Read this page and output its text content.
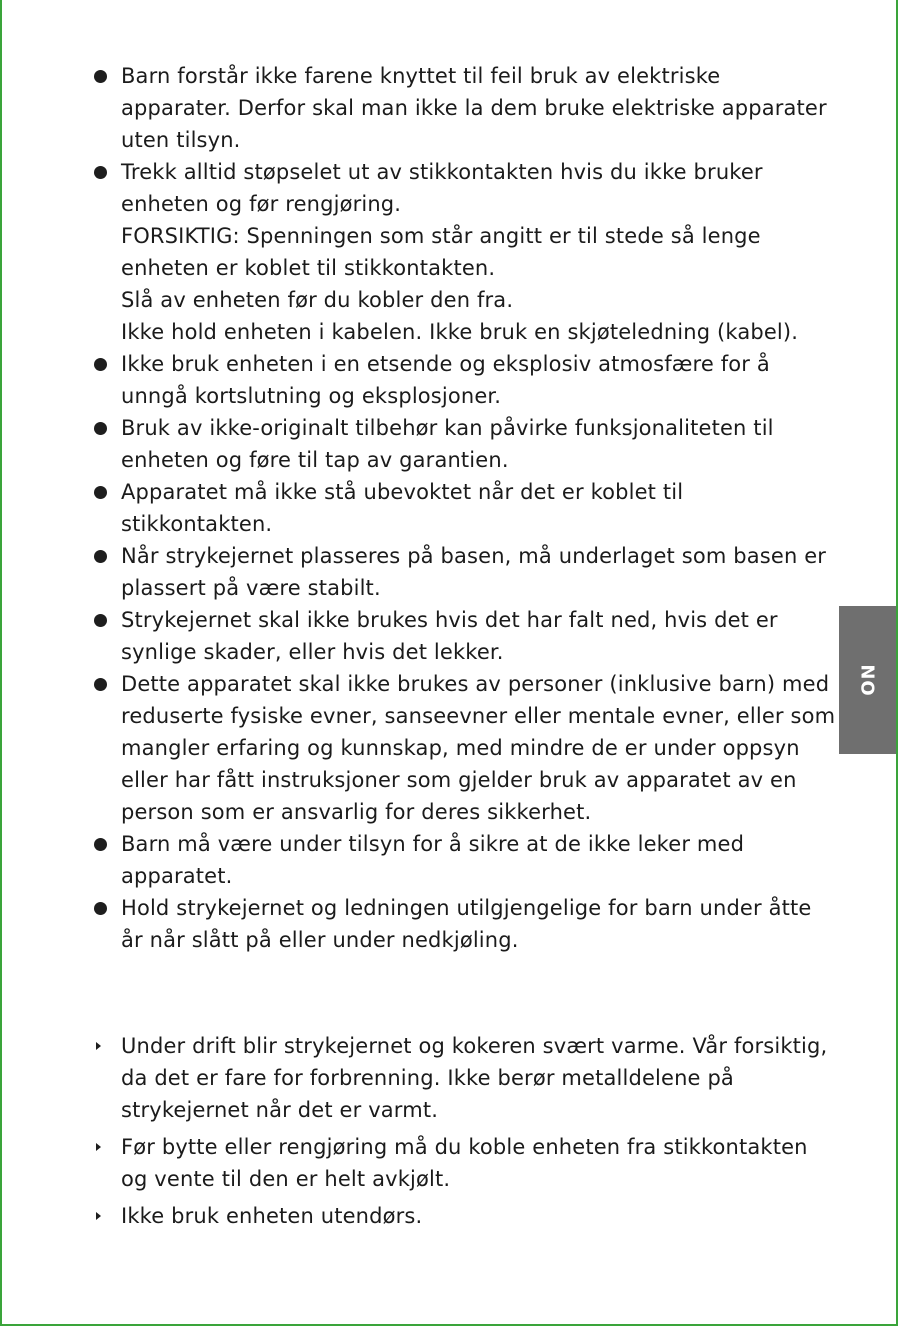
Barn forstår ikke farene knyttet til feil bruk av elektriske
apparater. Derfor skal man ikke la dem bruke elektriske apparater
uten tilsyn.
Trekk alltid støpselet ut av stikkontakten hvis du ikke bruker
enheten og før rengjøring.
FORSIKTIG: Spenningen som står angitt er til stede så lenge
enheten er koblet til stikkontakten.
Slå av enheten før du kobler den fra.
Ikke hold enheten i kabelen. Ikke bruk en skjøteledning (kabel).
Ikke bruk enheten i en etsende og eksplosiv atmosfære for å
unngå kortslutning og eksplosjoner.
Bruk av ikke-originalt tilbehør kan påvirke funksjonaliteten til
enheten og føre til tap av garantien.
Apparatet må ikke stå ubevoktet når det er koblet til
stikkontakten.
Når strykejernet plasseres på basen, må underlaget som basen er
plassert på være stabilt.
Strykejernet skal ikke brukes hvis det har falt ned, hvis det er
synlige skader, eller hvis det lekker.
Dette apparatet skal ikke brukes av personer (inklusive barn) med
reduserte fysiske evner, sanseevner eller mentale evner, eller som
mangler erfaring og kunnskap, med mindre de er under oppsyn
eller har fått instruksjoner som gjelder bruk av apparatet av en
person som er ansvarlig for deres sikkerhet.
Barn må være under tilsyn for å sikre at de ikke leker med
apparatet.
Hold strykejernet og ledningen utilgjengelige for barn under åtte
år når slått på eller under nedkjøling.
Under drift blir strykejernet og kokeren svært varme. Vår forsiktig,
da det er fare for forbrenning. Ikke berør metalldelene på
strykejernet når det er varmt.
Før bytte eller rengjøring må du koble enheten fra stikkontakten
og vente til den er helt avkjølt.
Ikke bruk enheten utendørs.
NO
